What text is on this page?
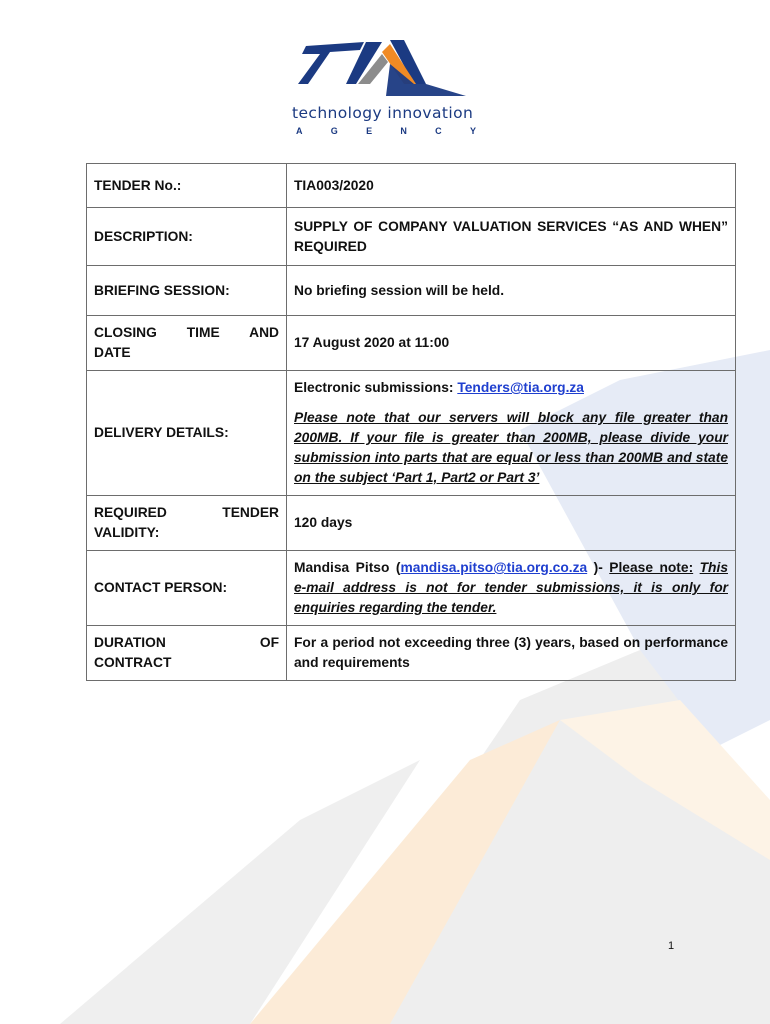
technology innovation
A	G	E	N	C	Y
TENDER No.:	TIA003/2020
DESCRIPTION:	SUPPLY OF COMPANY VALUATION SERVICES “AS AND WHEN” REQUIRED
BRIEFING SESSION:	No briefing session will be held.

CLOSING TIME AND
DATE	17 August 2020 at 11:00
DELIVERY DETAILS:	Electronic submissions: Tenders@tia.org.za
Please note that our servers will block any file greater than 200MB. If your file is greater than 200MB, please divide your submission into parts that are equal or less than 200MB and state on the subject ‘Part 1, Part2 or Part 3’

REQUIRED TENDER
VALIDITY:	120 days
CONTACT PERSON:	Mandisa Pitso (mandisa.pitso@tia.org.co.za )- Please note: This e-mail address is not for tender submissions, it is only for enquiries regarding the tender.

DURATION OF
CONTRACT	For a period not exceeding three (3) years, based on performance and requirements
1
